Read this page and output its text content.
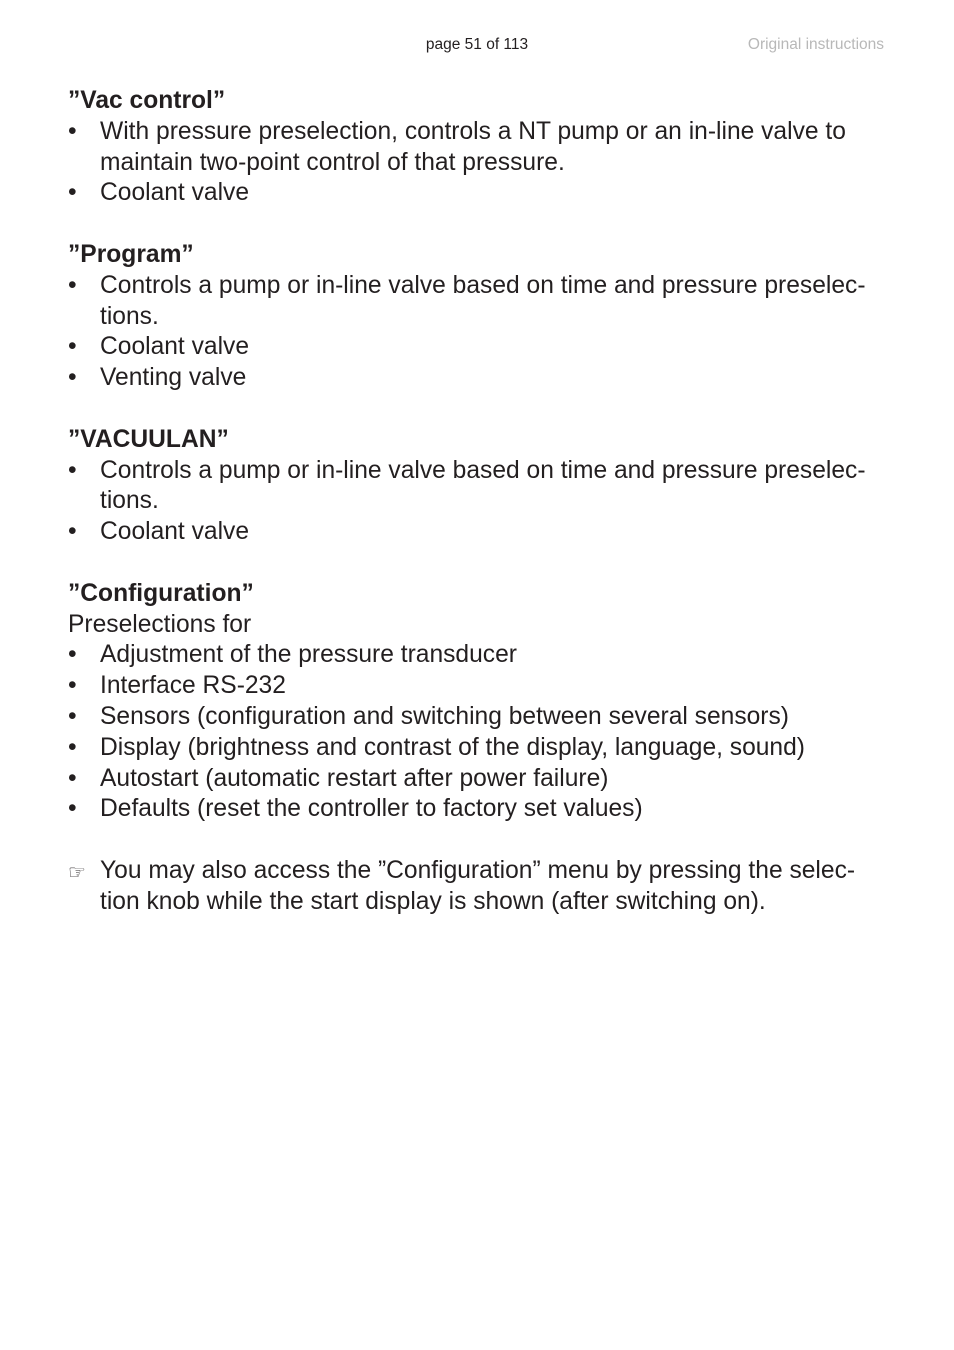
page 51 of 113	Original instructions

”Vac control”

• With pressure preselection, controls a NT pump or an in-line valve to maintain two-point control of that pressure.
• Coolant valve

”Program”

• Controls a pump or in-line valve based on time and pressure preselec-tions.
• Coolant valve
• Venting valve

”VACUULAN”

• Controls a pump or in-line valve based on time and pressure preselec-tions.
• Coolant valve

”Configuration”

Preselections for

• Adjustment of the pressure transducer
• Interface RS-232
• Sensors (configuration and switching between several sensors)
• Display (brightness and contrast of the display, language, sound)
• Autostart (automatic restart after power failure)
• Defaults (reset the controller to factory set values)
☞ You may also access the ”Configuration” menu by pressing the selec-tion knob while the start display is shown (after switching on).
